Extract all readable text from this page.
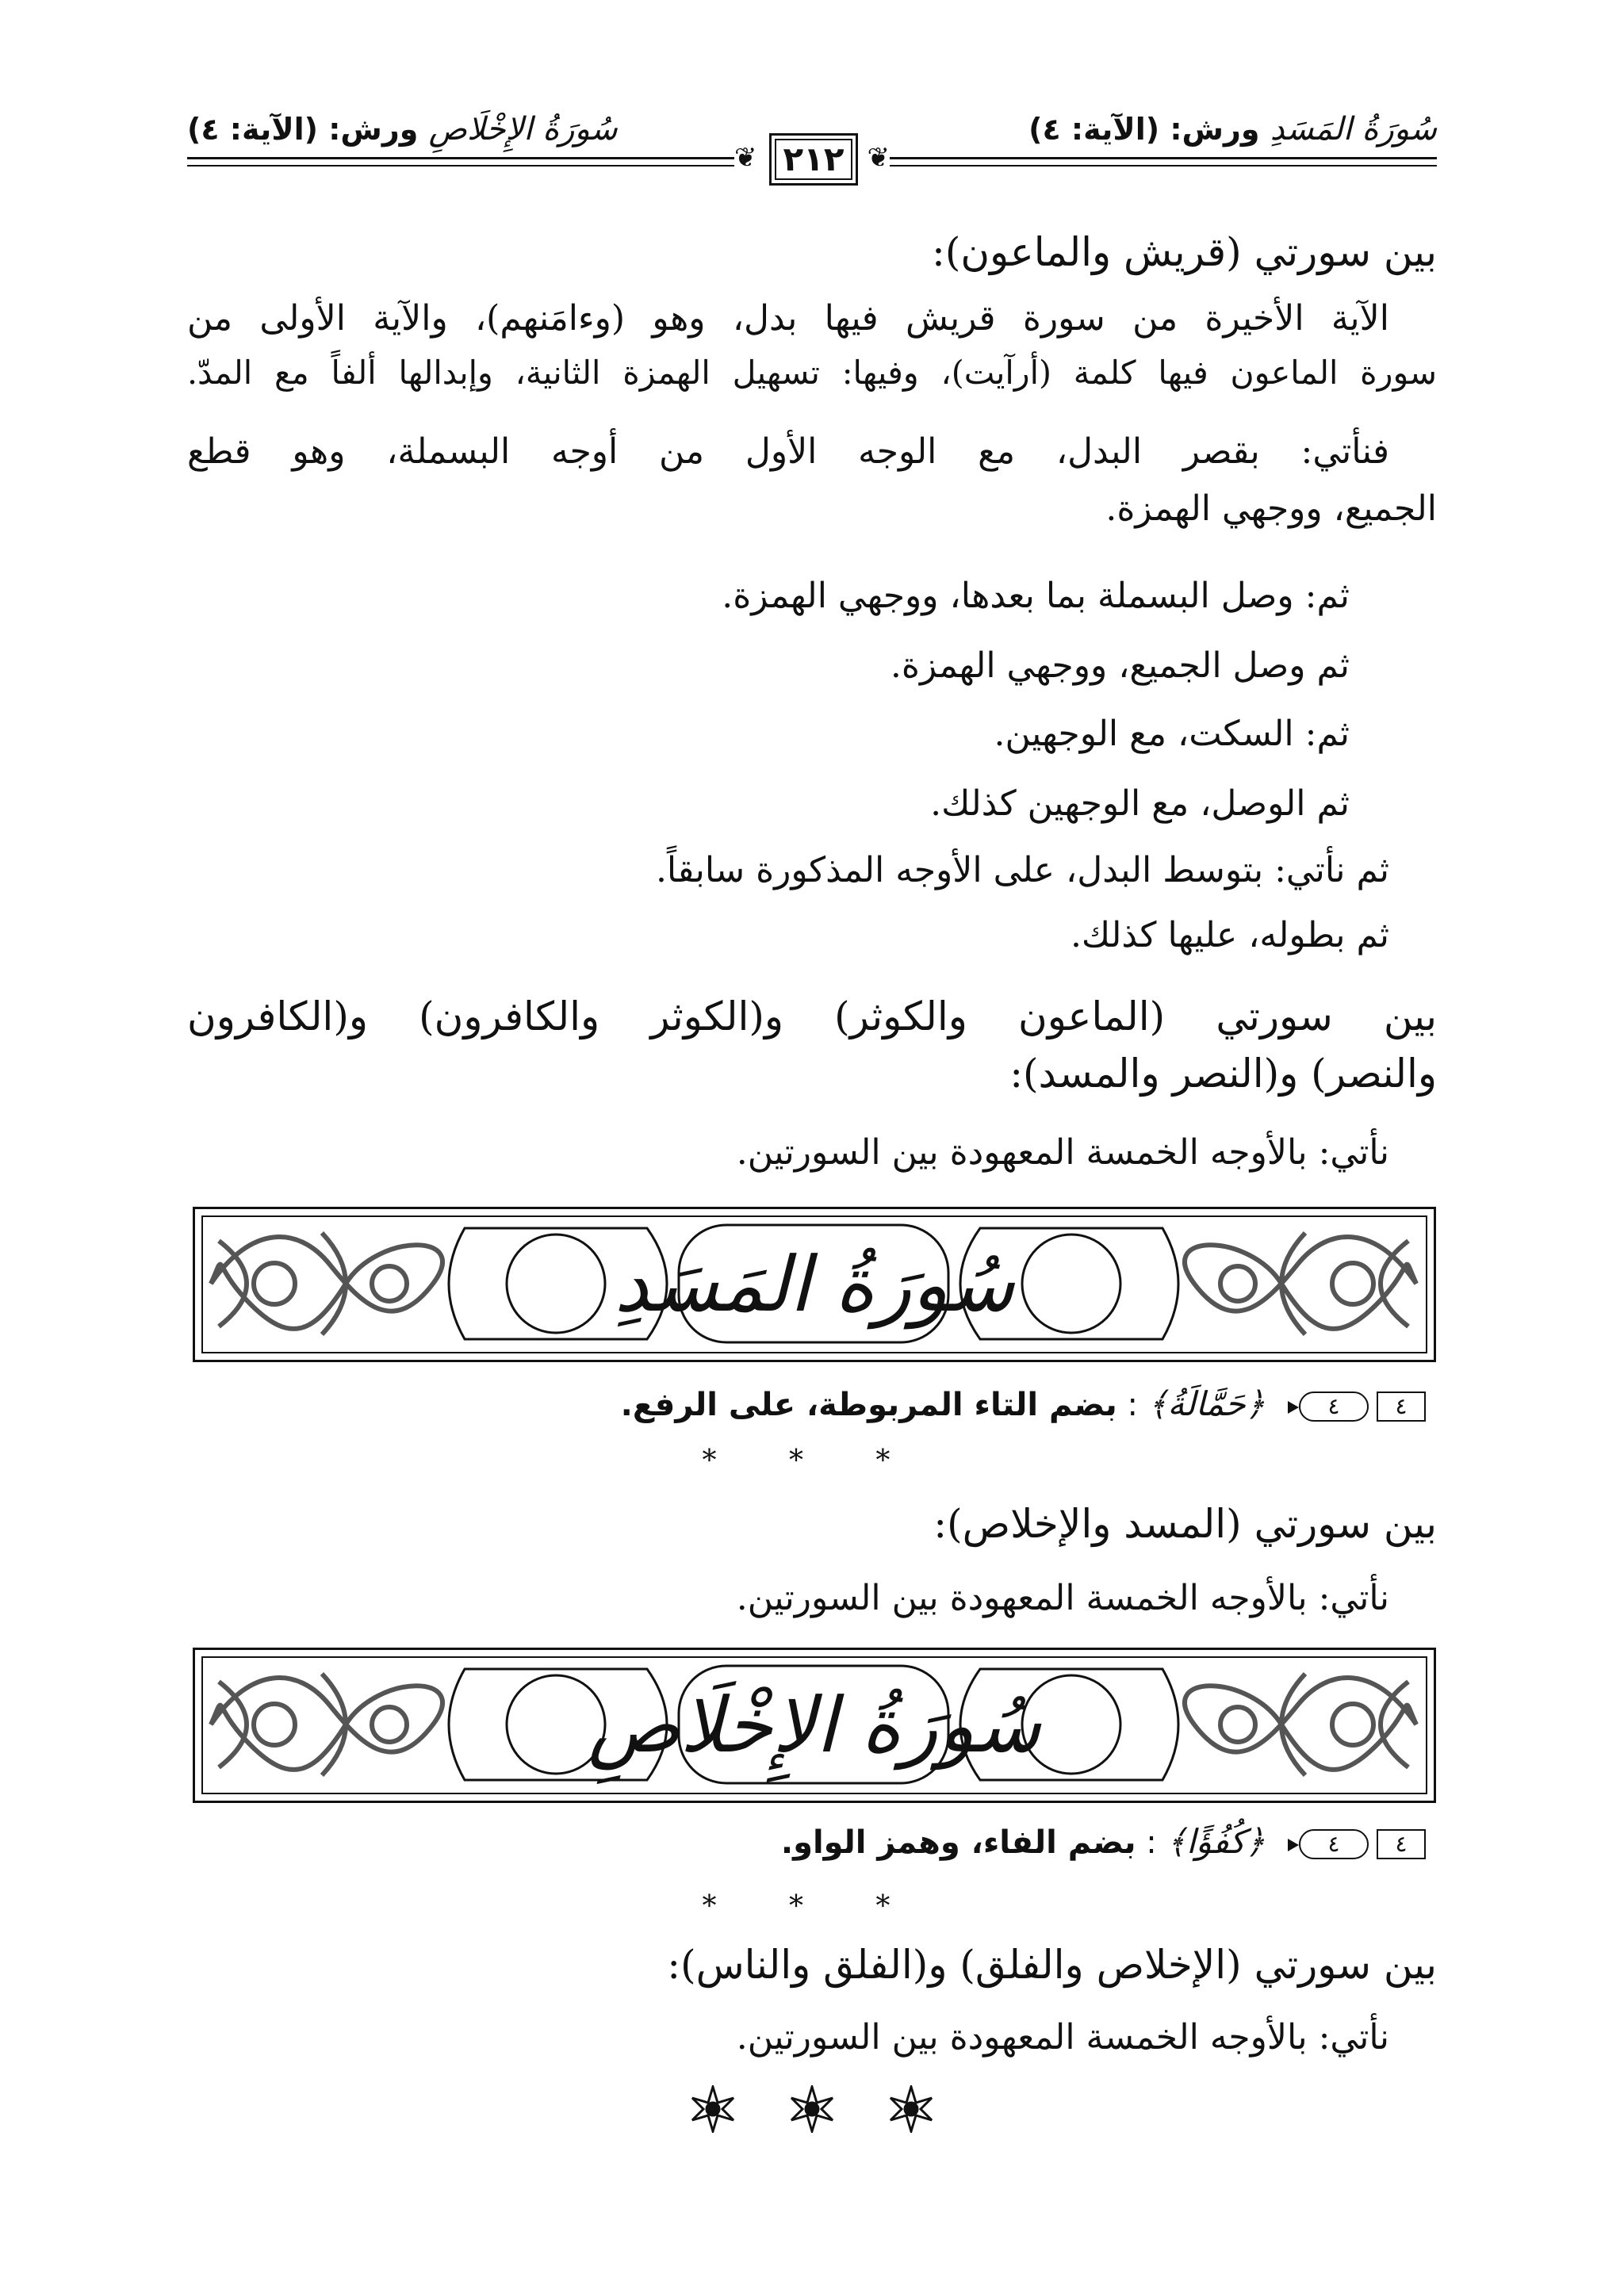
سُورَةُ المَسَدِ ورش: (الآية: ٤)
سُورَةُ الإِخْلَاصِ ورش: (الآية: ٤)
❦
٢١٢
❦
بين سورتي (قريش والماعون):
الآية الأخيرة من سورة قريش فيها بدل، وهو (وءامَنهم)، والآية الأولى من
سورة الماعون فيها كلمة (أرآيت)، وفيها: تسهيل الهمزة الثانية، وإبدالها ألفاً مع المدّ.
فنأتي: بقصر البدل، مع الوجه الأول من أوجه البسملة، وهو قطع
الجميع، ووجهي الهمزة.
ثم: وصل البسملة بما بعدها، ووجهي الهمزة.
ثم وصل الجميع، ووجهي الهمزة.
ثم: السكت، مع الوجهين.
ثم الوصل، مع الوجهين كذلك.
ثم نأتي: بتوسط البدل، على الأوجه المذكورة سابقاً.
ثم بطوله، عليها كذلك.
بين سورتي (الماعون والكوثر) و(الكوثر والكافرون) و(الكافرون
والنصر) و(النصر والمسد):
نأتي: بالأوجه الخمسة المعهودة بين السورتين.
سُورَةُ المَسَدِ
٤
٤
﴿حَمَّالَةُ﴾ : بضم التاء المربوطة، على الرفع.
* * *
بين سورتي (المسد والإخلاص):
نأتي: بالأوجه الخمسة المعهودة بين السورتين.
سُورَةُ الإِخْلَاصِ
٤
٤
﴿كُفُؤًا﴾ : بضم الفاء، وهمز الواو.
* * *
بين سورتي (الإخلاص والفلق) و(الفلق والناس):
نأتي: بالأوجه الخمسة المعهودة بين السورتين.
